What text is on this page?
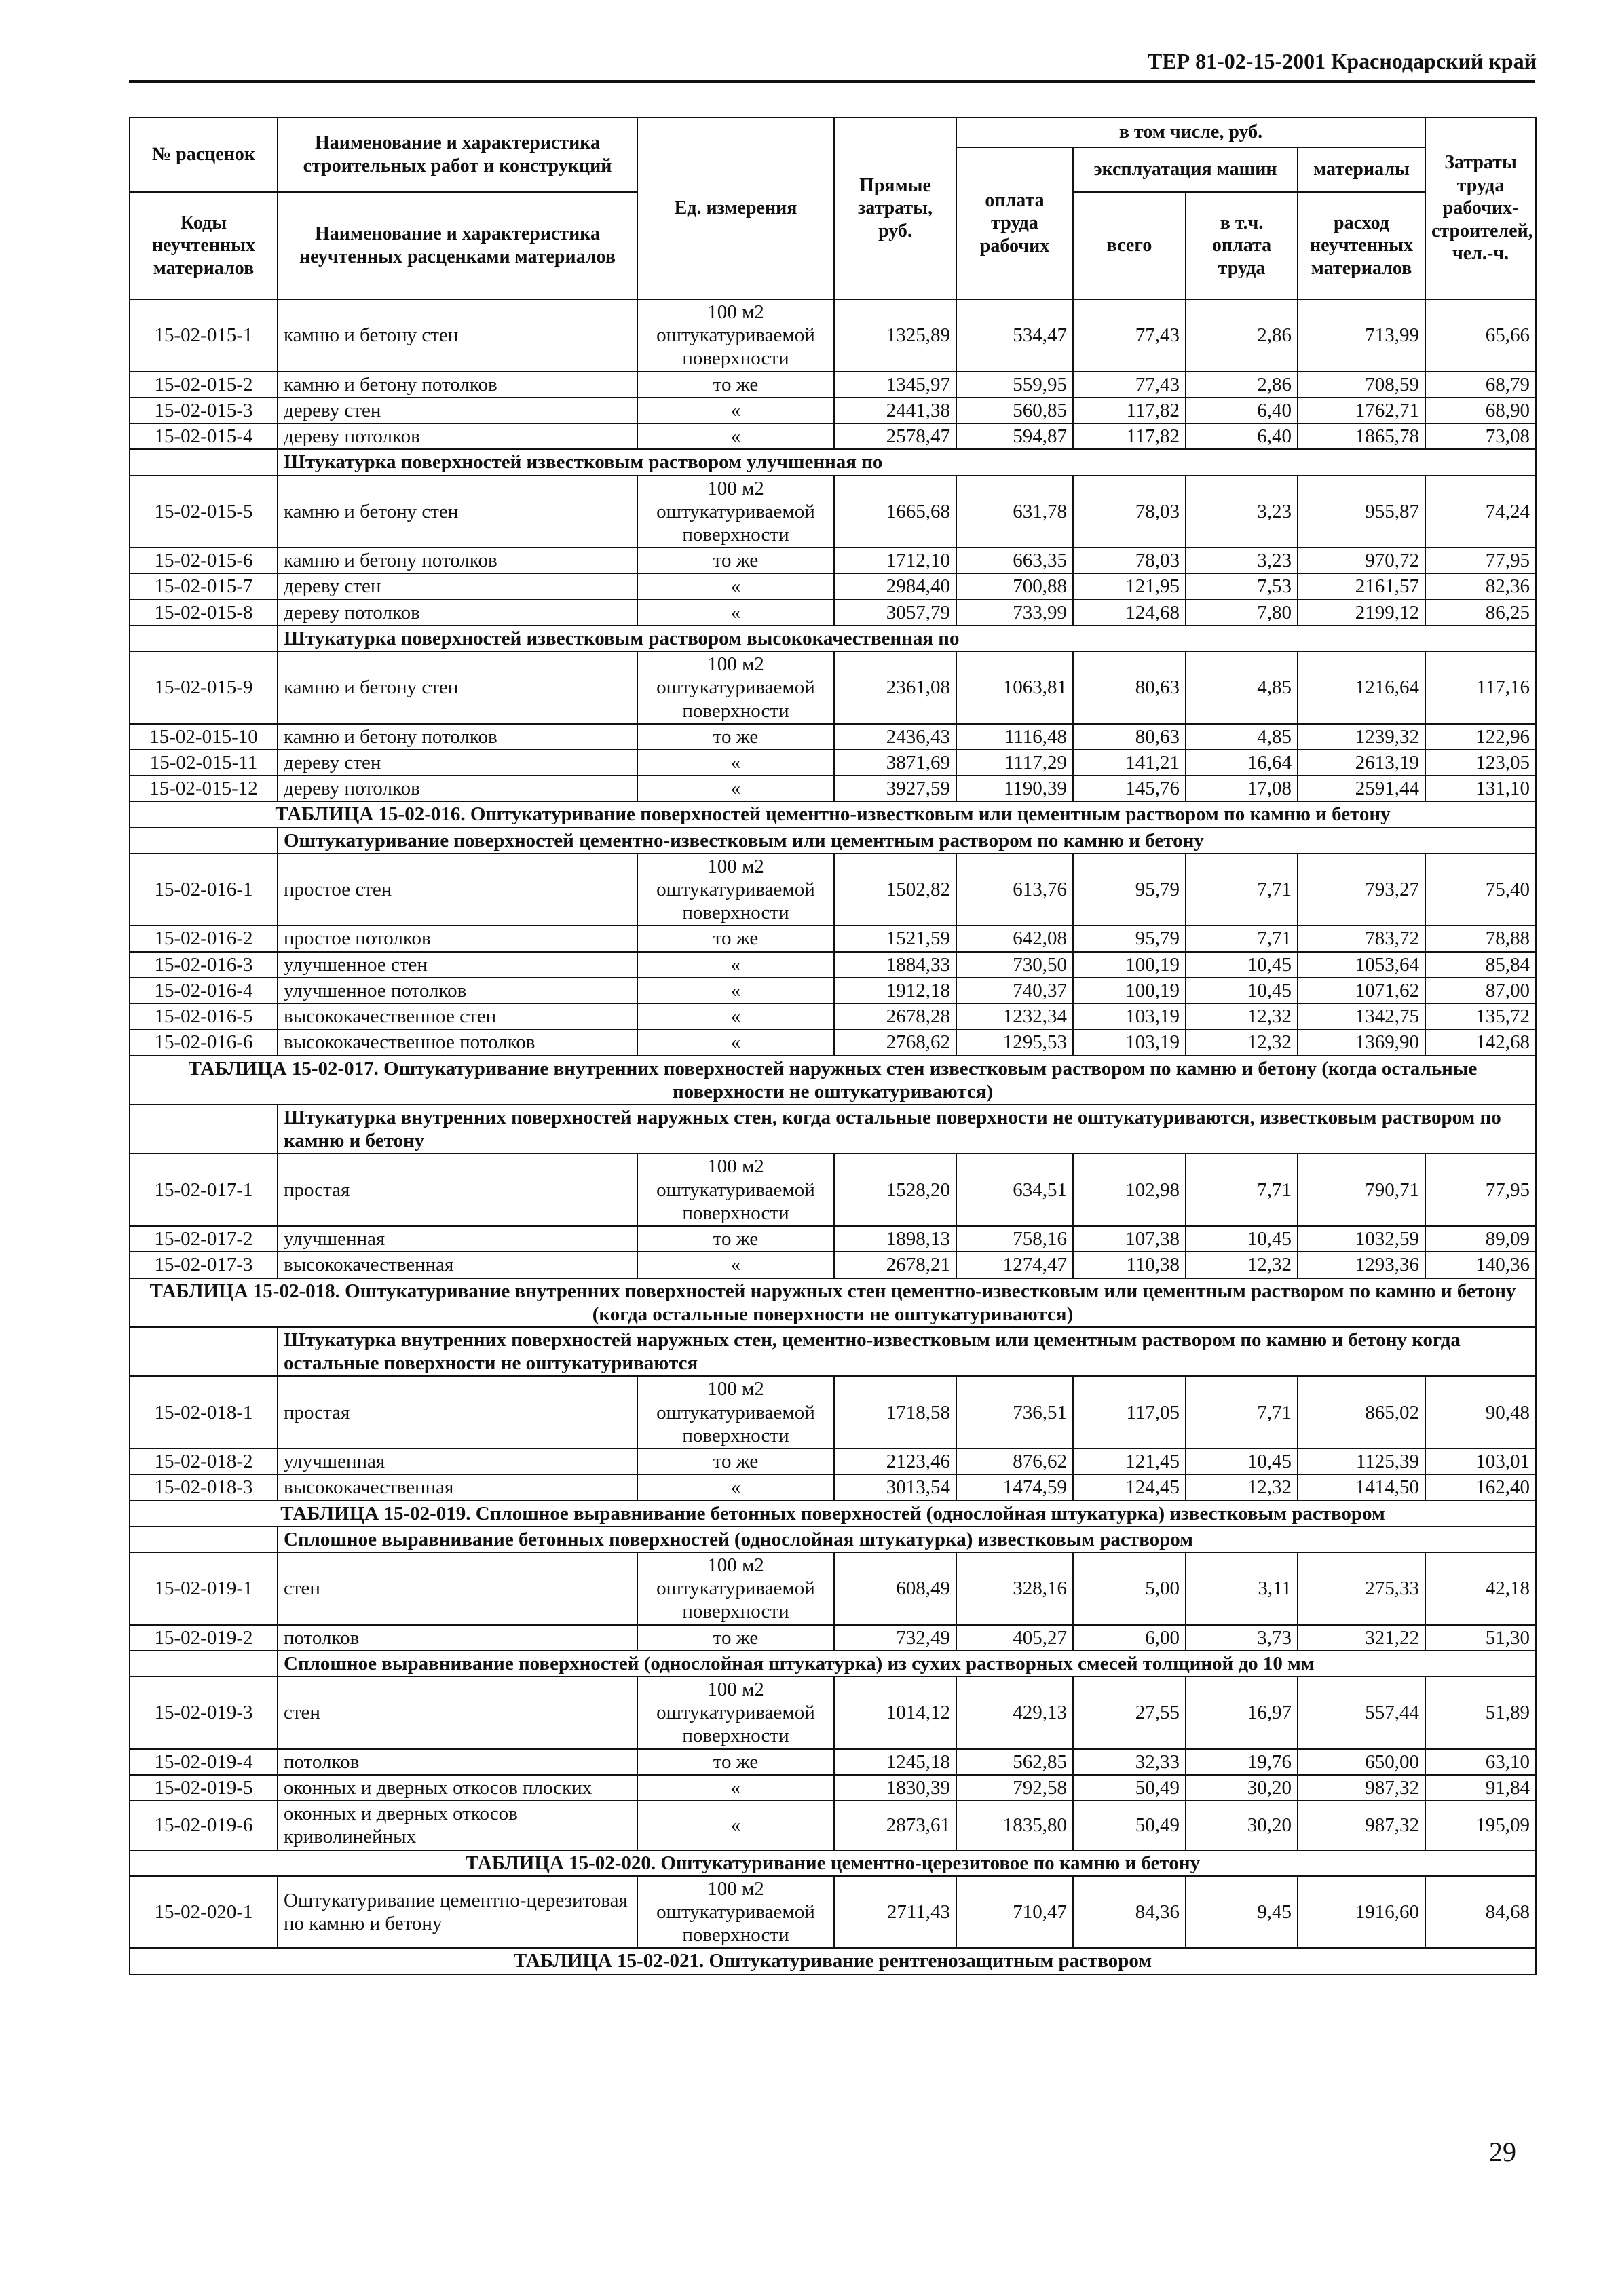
ТЕР 81-02-15-2001 Краснодарский край
№ расценок	Наименование и характеристика строительных работ и конструкций	Ед. измерения	Прямые затраты, руб.	в том числе, руб.				Затраты труда рабочих-строителей, чел.-ч.
				оплата труда рабочих	эксплуатация машин		материалы	

Коды неучтенных материалов	Наименование и характеристика неучтенных расценками материалов				всего	в т.ч. оплата труда	расход неучтенных материалов	

15-02-015-1	камню и бетону стен	100 м2 оштукатуриваемой поверхности	1325,89	534,47	77,43	2,86	713,99	65,66
15-02-015-2	камню и бетону потолков	то же	1345,97	559,95	77,43	2,86	708,59	68,79
15-02-015-3	дереву стен	«	2441,38	560,85	117,82	6,40	1762,71	68,90
15-02-015-4	дереву потолков	«	2578,47	594,87	117,82	6,40	1865,78	73,08
	Штукатурка поверхностей известковым раствором улучшенная по							
15-02-015-5	камню и бетону стен	100 м2 оштукатуриваемой поверхности	1665,68	631,78	78,03	3,23	955,87	74,24
15-02-015-6	камню и бетону потолков	то же	1712,10	663,35	78,03	3,23	970,72	77,95
15-02-015-7	дереву стен	«	2984,40	700,88	121,95	7,53	2161,57	82,36
15-02-015-8	дереву потолков	«	3057,79	733,99	124,68	7,80	2199,12	86,25
	Штукатурка поверхностей известковым раствором высококачественная по							
15-02-015-9	камню и бетону стен	100 м2 оштукатуриваемой поверхности	2361,08	1063,81	80,63	4,85	1216,64	117,16
15-02-015-10	камню и бетону потолков	то же	2436,43	1116,48	80,63	4,85	1239,32	122,96
15-02-015-11	дереву стен	«	3871,69	1117,29	141,21	16,64	2613,19	123,05
15-02-015-12	дереву потолков	«	3927,59	1190,39	145,76	17,08	2591,44	131,10
ТАБЛИЦА 15-02-016. Оштукатуривание поверхностей цементно-известковым или цементным раствором по камню и бетону								
	Оштукатуривание поверхностей цементно-известковым или цементным раствором по камню и бетону							
15-02-016-1	простое стен	100 м2 оштукатуриваемой поверхности	1502,82	613,76	95,79	7,71	793,27	75,40
15-02-016-2	простое потолков	то же	1521,59	642,08	95,79	7,71	783,72	78,88
15-02-016-3	улучшенное стен	«	1884,33	730,50	100,19	10,45	1053,64	85,84
15-02-016-4	улучшенное потолков	«	1912,18	740,37	100,19	10,45	1071,62	87,00
15-02-016-5	высококачественное стен	«	2678,28	1232,34	103,19	12,32	1342,75	135,72
15-02-016-6	высококачественное потолков	«	2768,62	1295,53	103,19	12,32	1369,90	142,68
ТАБЛИЦА 15-02-017. Оштукатуривание внутренних поверхностей наружных стен известковым раствором по камню и бетону (когда остальные поверхности не оштукатуриваются)								
	Штукатурка внутренних поверхностей наружных стен, когда остальные поверхности не оштукатуриваются, известковым раствором по камню и бетону							
15-02-017-1	простая	100 м2 оштукатуриваемой поверхности	1528,20	634,51	102,98	7,71	790,71	77,95
15-02-017-2	улучшенная	то же	1898,13	758,16	107,38	10,45	1032,59	89,09
15-02-017-3	высококачественная	«	2678,21	1274,47	110,38	12,32	1293,36	140,36
ТАБЛИЦА 15-02-018. Оштукатуривание внутренних поверхностей наружных стен цементно-известковым или цементным раствором по камню и бетону (когда остальные поверхности не оштукатуриваются)								
	Штукатурка внутренних поверхностей наружных стен, цементно-известковым или цементным раствором по камню и бетону когда остальные поверхности не оштукатуриваются							
15-02-018-1	простая	100 м2 оштукатуриваемой поверхности	1718,58	736,51	117,05	7,71	865,02	90,48
15-02-018-2	улучшенная	то же	2123,46	876,62	121,45	10,45	1125,39	103,01
15-02-018-3	высококачественная	«	3013,54	1474,59	124,45	12,32	1414,50	162,40
ТАБЛИЦА 15-02-019. Сплошное выравнивание бетонных поверхностей (однослойная штукатурка) известковым раствором								
	Сплошное выравнивание бетонных поверхностей (однослойная штукатурка) известковым раствором							
15-02-019-1	стен	100 м2 оштукатуриваемой поверхности	608,49	328,16	5,00	3,11	275,33	42,18
15-02-019-2	потолков	то же	732,49	405,27	6,00	3,73	321,22	51,30
	Сплошное выравнивание поверхностей (однослойная штукатурка) из сухих растворных смесей толщиной до 10 мм							
15-02-019-3	стен	100 м2 оштукатуриваемой поверхности	1014,12	429,13	27,55	16,97	557,44	51,89
15-02-019-4	потолков	то же	1245,18	562,85	32,33	19,76	650,00	63,10
15-02-019-5	оконных и дверных откосов плоских	«	1830,39	792,58	50,49	30,20	987,32	91,84
15-02-019-6	оконных и дверных откосов криволинейных	«	2873,61	1835,80	50,49	30,20	987,32	195,09
ТАБЛИЦА 15-02-020. Оштукатуривание цементно-церезитовое по камню и бетону								
15-02-020-1	Оштукатуривание цементно-церезитовая по камню и бетону	100 м2 оштукатуриваемой поверхности	2711,43	710,47	84,36	9,45	1916,60	84,68
ТАБЛИЦА 15-02-021. Оштукатуривание рентгенозащитным раствором								
29
